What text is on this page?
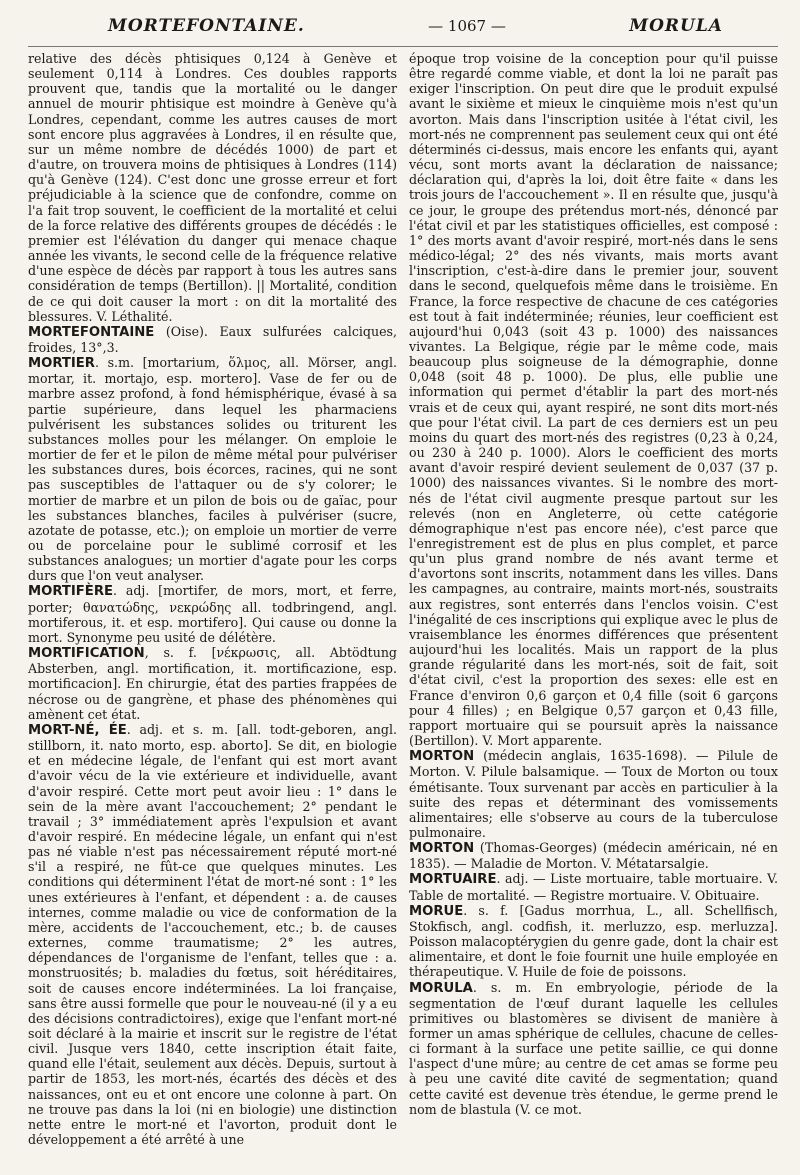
MORTEFONTAINE.	— 1067 —	MORULA

relative des décès phtisiques 0,124 à Genève et seulement 0,114 à Londres. Ces doubles rapports prouvent que, tandis que la mortalité ou le danger annuel de mourir phtisique est moindre à Genève qu'à Londres, cependant, comme les autres causes de mort sont encore plus aggravées à Londres, il en résulte que, sur un même nombre de décédés 1000) de part et d'autre, on trouvera moins de phtisiques à Londres (114) qu'à Genève (124). C'est donc une grosse erreur et fort préjudiciable à la science que de confondre, comme on l'a fait trop souvent, le coefficient de la mortalité et celui de la force relative des différents groupes de décédés : le premier est l'élévation du danger qui menace chaque année les vivants, le second celle de la fréquence relative d'une espèce de décès par rapport à tous les autres sans considération de temps (Bertillon). || Mortalité, condition de ce qui doit causer la mort : on dit la mortalité des blessures. V. Léthalité.

MORTEFONTAINE (Oise). Eaux sulfurées calciques, froides, 13°,3.

MORTIER. s.m. [mortarium, ὅλμος, all. Mörser, angl. mortar, it. mortajo, esp. mortero]. Vase de fer ou de marbre assez profond, à fond hémisphérique, évasé à sa partie supérieure, dans lequel les pharmaciens pulvérisent les substances solides ou triturent les substances molles pour les mélanger. On emploie le mortier de fer et le pilon de même métal pour pulvériser les substances dures, bois écorces, racines, qui ne sont pas susceptibles de l'attaquer ou de s'y colorer; le mortier de marbre et un pilon de bois ou de gaïac, pour les substances blanches, faciles à pulvériser (sucre, azotate de potasse, etc.); on emploie un mortier de verre ou de porcelaine pour le sublimé corrosif et les substances analogues; un mortier d'agate pour les corps durs que l'on veut analyser.

MORTIFÈRE. adj. [mortifer, de mors, mort, et ferre, porter; θανατώδης, νεκρώδης all. todbringend, angl. mortiferous, it. et esp. mortifero]. Qui cause ou donne la mort. Synonyme peu usité de délétère.

MORTIFICATION, s. f. [νέκρωσις, all. Abtödtung Absterben, angl. mortification, it. mortificazione, esp. mortificacion]. En chirurgie, état des parties frappées de nécrose ou de gangrène, et phase des phénomènes qui amènent cet état.

MORT-NÉ, ÉE. adj. et s. m. [all. todt-geboren, angl. stillborn, it. nato morto, esp. aborto]. Se dit, en biologie et en médecine légale, de l'enfant qui est mort avant d'avoir vécu de la vie extérieure et individuelle, avant d'avoir respiré. Cette mort peut avoir lieu : 1° dans le sein de la mère avant l'accouchement; 2° pendant le travail ; 3° immédiatement après l'expulsion et avant d'avoir respiré. En médecine légale, un enfant qui n'est pas né viable n'est pas nécessairement réputé mort-né s'il a respiré, ne fût-ce que quelques minutes. Les conditions qui déterminent l'état de mort-né sont : 1° les unes extérieures à l'enfant, et dépendent : a. de causes internes, comme maladie ou vice de conformation de la mère, accidents de l'accouchement, etc.; b. de causes externes, comme traumatisme; 2° les autres, dépendances de l'organisme de l'enfant, telles que : a. monstruosités; b. maladies du fœtus, soit héréditaires, soit de causes encore indéterminées. La loi française, sans être aussi formelle que pour le nouveau-né (il y a eu des décisions contradictoires), exige que l'enfant mort-né soit déclaré à la mairie et inscrit sur le registre de l'état civil. Jusque vers 1840, cette inscription était faite, quand elle l'était, seulement aux décès. Depuis, surtout à partir de 1853, les mort-nés, écartés des décès et des naissances, ont eu et ont encore une colonne à part. On ne trouve pas dans la loi (ni en biologie) une distinction nette entre le mort-né et l'avorton, produit dont le développement a été arrêté à une

époque trop voisine de la conception pour qu'il puisse être regardé comme viable, et dont la loi ne paraît pas exiger l'inscription. On peut dire que le produit expulsé avant le sixième et mieux le cinquième mois n'est qu'un avorton. Mais dans l'inscription usitée à l'état civil, les mort-nés ne comprennent pas seulement ceux qui ont été déterminés ci-dessus, mais encore les enfants qui, ayant vécu, sont morts avant la déclaration de naissance; déclaration qui, d'après la loi, doit être faite « dans les trois jours de l'accouchement ». Il en résulte que, jusqu'à ce jour, le groupe des prétendus mort-nés, dénoncé par l'état civil et par les statistiques officielles, est composé : 1° des morts avant d'avoir respiré, mort-nés dans le sens médico-légal; 2° des nés vivants, mais morts avant l'inscription, c'est-à-dire dans le premier jour, souvent dans le second, quelquefois même dans le troisième. En France, la force respective de chacune de ces catégories est tout à fait indéterminée; réunies, leur coefficient est aujourd'hui 0,043 (soit 43 p. 1000) des naissances vivantes. La Belgique, régie par le même code, mais beaucoup plus soigneuse de la démographie, donne 0,048 (soit 48 p. 1000). De plus, elle publie une information qui permet d'établir la part des mort-nés vrais et de ceux qui, ayant respiré, ne sont dits mort-nés que pour l'état civil. La part de ces derniers est un peu moins du quart des mort-nés des registres (0,23 à 0,24, ou 230 à 240 p. 1000). Alors le coefficient des morts avant d'avoir respiré devient seulement de 0,037 (37 p. 1000) des naissances vivantes. Si le nombre des mort-nés de l'état civil augmente presque partout sur les relevés (non en Angleterre, où cette catégorie démographique n'est pas encore née), c'est parce que l'enregistrement est de plus en plus complet, et parce qu'un plus grand nombre de nés avant terme et d'avortons sont inscrits, notamment dans les villes. Dans les campagnes, au contraire, maints mort-nés, soustraits aux registres, sont enterrés dans l'enclos voisin. C'est l'inégalité de ces inscriptions qui explique avec le plus de vraisemblance les énormes différences que présentent aujourd'hui les localités. Mais un rapport de la plus grande régularité dans les mort-nés, soit de fait, soit d'état civil, c'est la proportion des sexes: elle est en France d'environ 0,6 garçon et 0,4 fille (soit 6 garçons pour 4 filles) ; en Belgique 0,57 garçon et 0,43 fille, rapport mortuaire qui se poursuit après la naissance (Bertillon). V. Mort apparente.

MORTON (médecin anglais, 1635-1698). — Pilule de Morton. V. Pilule balsamique. — Toux de Morton ou toux émétisante. Toux survenant par accès en particulier à la suite des repas et déterminant des vomissements alimentaires; elle s'observe au cours de la tuberculose pulmonaire.

MORTON (Thomas-Georges) (médecin américain, né en 1835). — Maladie de Morton. V. Métatarsalgie.

MORTUAIRE. adj. — Liste mortuaire, table mortuaire. V. Table de mortalité. — Registre mortuaire. V. Obituaire.

MORUE. s. f. [Gadus morrhua, L., all. Schellfisch, Stokfisch, angl. codfish, it. merluzzo, esp. merluzza]. Poisson malacoptérygien du genre gade, dont la chair est alimentaire, et dont le foie fournit une huile employée en thérapeutique. V. Huile de foie de poissons.

MORULA. s. m. En embryologie, période de la segmentation de l'œuf durant laquelle les cellules primitives ou blastomères se divisent de manière à former un amas sphérique de cellules, chacune de celles-ci formant à la surface une petite saillie, ce qui donne l'aspect d'une mûre; au centre de cet amas se forme peu à peu une cavité dite cavité de segmentation; quand cette cavité est devenue très étendue, le germe prend le nom de blastula (V. ce mot.
